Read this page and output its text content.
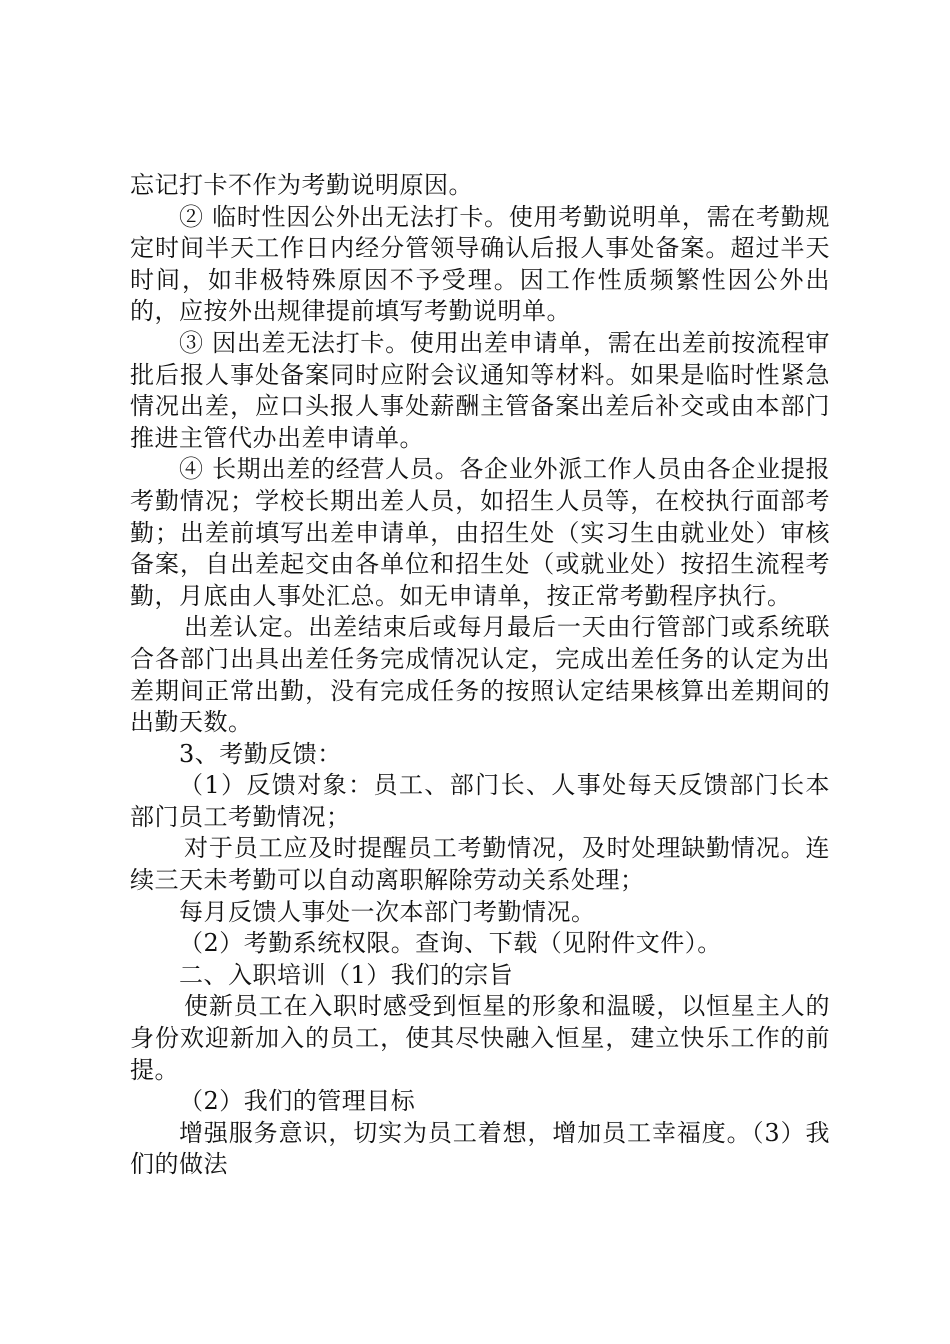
忘记打卡不作为考勤说明原因。

② 临时性因公外出无法打卡。使用考勤说明单，需在考勤规定时间半天工作日内经分管领导确认后报人事处备案。超过半天时间，如非极特殊原因不予受理。因工作性质频繁性因公外出的，应按外出规律提前填写考勤说明单。

③ 因出差无法打卡。使用出差申请单，需在出差前按流程审批后报人事处备案同时应附会议通知等材料。如果是临时性紧急情况出差，应口头报人事处薪酬主管备案出差后补交或由本部门推进主管代办出差申请单。

④ 长期出差的经营人员。各企业外派工作人员由各企业提报考勤情况；学校长期出差人员，如招生人员等，在校执行面部考勤；出差前填写出差申请单，由招生处（实习生由就业处）审核备案，自出差起交由各单位和招生处（或就业处）按招生流程考勤，月底由人事处汇总。如无申请单，按正常考勤程序执行。

出差认定。出差结束后或每月最后一天由行管部门或系统联合各部门出具出差任务完成情况认定，完成出差任务的认定为出差期间正常出勤，没有完成任务的按照认定结果核算出差期间的出勤天数。

3、考勤反馈：

（1）反馈对象：员工、部门长、人事处每天反馈部门长本部门员工考勤情况；

对于员工应及时提醒员工考勤情况，及时处理缺勤情况。连续三天未考勤可以自动离职解除劳动关系处理；

每月反馈人事处一次本部门考勤情况。

（2）考勤系统权限。查询、下载（见附件文件）。

二、入职培训（1）我们的宗旨

使新员工在入职时感受到恒星的形象和温暖，以恒星主人的身份欢迎新加入的员工，使其尽快融入恒星，建立快乐工作的前提。

（2）我们的管理目标

增强服务意识，切实为员工着想，增加员工幸福度。（3）我们的做法
